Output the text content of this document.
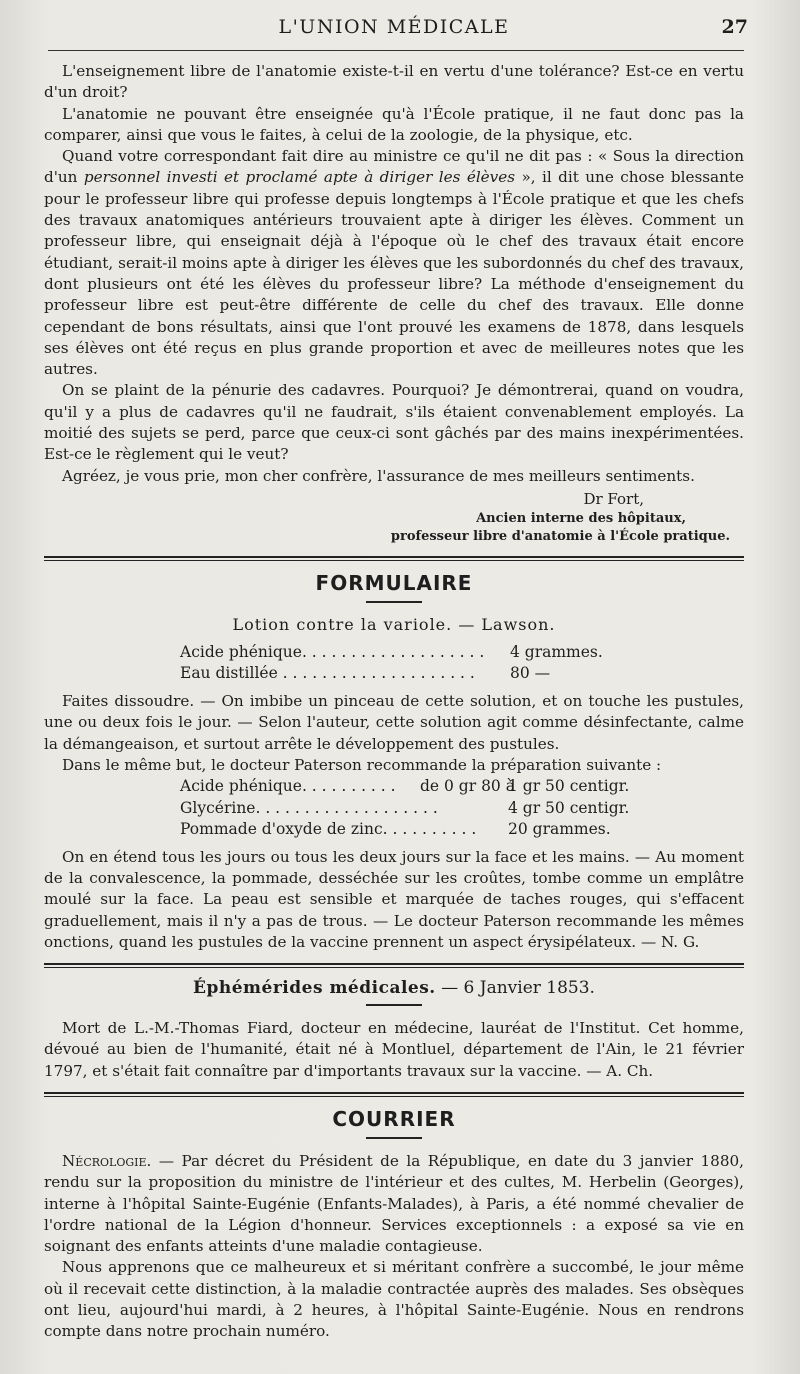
L'UNION MÉDICALE	27

L'enseignement libre de l'anatomie existe-t-il en vertu d'une tolérance? Est-ce en vertu d'un droit?

L'anatomie ne pouvant être enseignée qu'à l'École pratique, il ne faut donc pas la comparer, ainsi que vous le faites, à celui de la zoologie, de la physique, etc.

Quand votre correspondant fait dire au ministre ce qu'il ne dit pas : « Sous la direction d'un personnel investi et proclamé apte à diriger les élèves », il dit une chose blessante pour le professeur libre qui professe depuis longtemps à l'École pratique et que les chefs des travaux anatomiques antérieurs trouvaient apte à diriger les élèves. Comment un professeur libre, qui enseignait déjà à l'époque où le chef des travaux était encore étudiant, serait-il moins apte à diriger les élèves que les subordonnés du chef des travaux, dont plusieurs ont été les élèves du professeur libre? La méthode d'enseignement du professeur libre est peut-être différente de celle du chef des travaux. Elle donne cependant de bons résultats, ainsi que l'ont prouvé les examens de 1878, dans lesquels ses élèves ont été reçus en plus grande proportion et avec de meilleures notes que les autres.

On se plaint de la pénurie des cadavres. Pourquoi? Je démontrerai, quand on voudra, qu'il y a plus de cadavres qu'il ne faudrait, s'ils étaient convenablement employés. La moitié des sujets se perd, parce que ceux-ci sont gâchés par des mains inexpérimentées. Est-ce le règlement qui le veut?

Agréez, je vous prie, mon cher confrère, l'assurance de mes meilleurs sentiments.

Dr Fort,
Ancien interne des hôpitaux,
professeur libre d'anatomie à l'École pratique.
FORMULAIRE
Lotion contre la variole. — Lawson.
Acide phénique. . . . . . . . . . . . . . . . . . .	4 grammes.
Eau distillée . . . . . . . . . . . . . . . . . . . .	80 —

Faites dissoudre. — On imbibe un pinceau de cette solution, et on touche les pustules, une ou deux fois le jour. — Selon l'auteur, cette solution agit comme désinfectante, calme la démangeaison, et surtout arrête le développement des pustules.

Dans le même but, le docteur Paterson recommande la préparation suivante :

Acide phénique. . . . . . . . . .	de 0 gr 80 à
1 gr 50 centigr.
Glycérine. . . . . . . . . . . . . . . . . . .	4 gr 50 centigr.
Pommade d'oxyde de zinc. . . . . . . . . . 20 grammes.

On en étend tous les jours ou tous les deux jours sur la face et les mains. — Au moment de la convalescence, la pommade, desséchée sur les croûtes, tombe comme un emplâtre moulé sur la face. La peau est sensible et marquée de taches rouges, qui s'effacent graduellement, mais il n'y a pas de trous. — Le docteur Paterson recommande les mêmes onctions, quand les pustules de la vaccine prennent un aspect érysipélateux. — N. G.

Éphémérides médicales. — 6 Janvier 1853.

Mort de L.-M.-Thomas Fiard, docteur en médecine, lauréat de l'Institut. Cet homme, dévoué au bien de l'humanité, était né à Montluel, département de l'Ain, le 21 février 1797, et s'était fait connaître par d'importants travaux sur la vaccine. — A. Ch.

COURRIER

Nécrologie. — Par décret du Président de la République, en date du 3 janvier 1880, rendu sur la proposition du ministre de l'intérieur et des cultes, M. Herbelin (Georges), interne à l'hôpital Sainte-Eugénie (Enfants-Malades), à Paris, a été nommé chevalier de l'ordre national de la Légion d'honneur. Services exceptionnels : a exposé sa vie en soignant des enfants atteints d'une maladie contagieuse.

Nous apprenons que ce malheureux et si méritant confrère a succombé, le jour même où il recevait cette distinction, à la maladie contractée auprès des malades. Ses obsèques ont lieu, aujourd'hui mardi, à 2 heures, à l'hôpital Sainte-Eugénie. Nous en rendrons compte dans notre prochain numéro.
